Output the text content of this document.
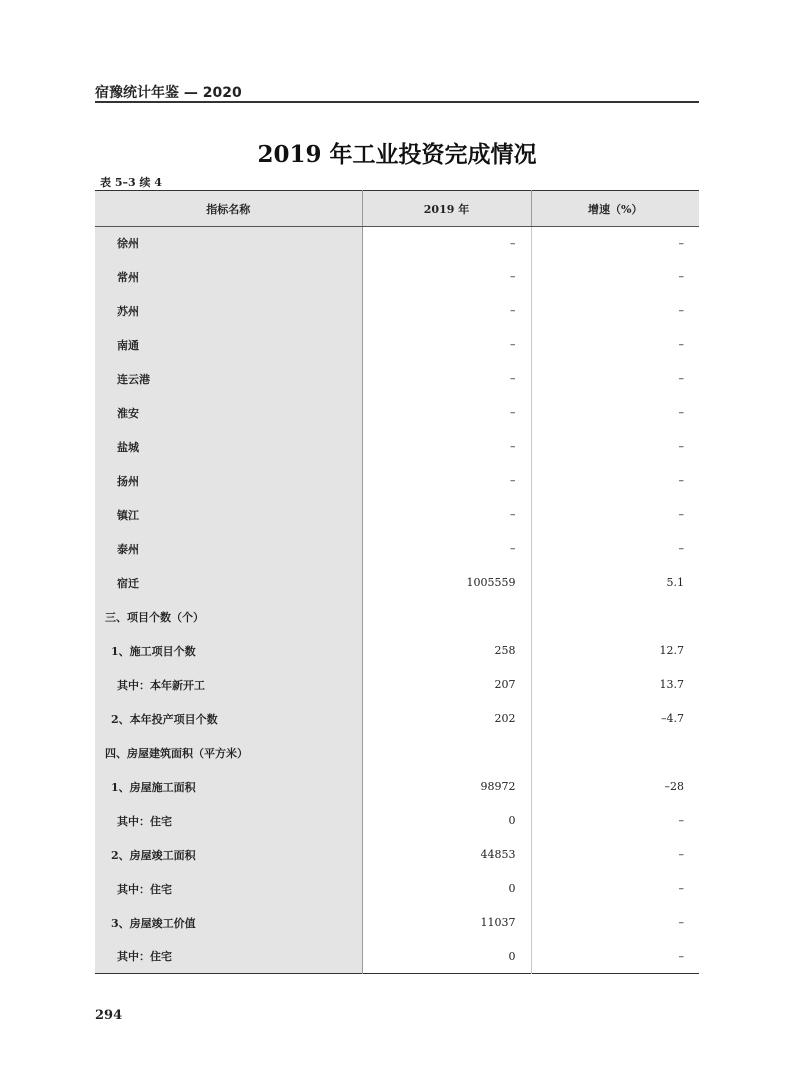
宿豫统计年鉴 — 2020
2019 年工业投资完成情况
表 5–3 续 4
指标名称	2019 年	增速（%）
徐州	–	–
常州	–	–
苏州	–	–
南通	–	–
连云港	–	–
淮安	–	–
盐城	–	–
扬州	–	–
镇江	–	–
泰州	–	–
宿迁	1005559	5.1
三、项目个数（个）		
1、施工项目个数	258	12.7
其中：本年新开工	207	13.7
2、本年投产项目个数	202	–4.7
四、房屋建筑面积（平方米）		
1、房屋施工面积	98972	–28
其中：住宅	0	–
2、房屋竣工面积	44853	–
其中：住宅	0	–
3、房屋竣工价值	11037	–
其中：住宅	0	–
294
